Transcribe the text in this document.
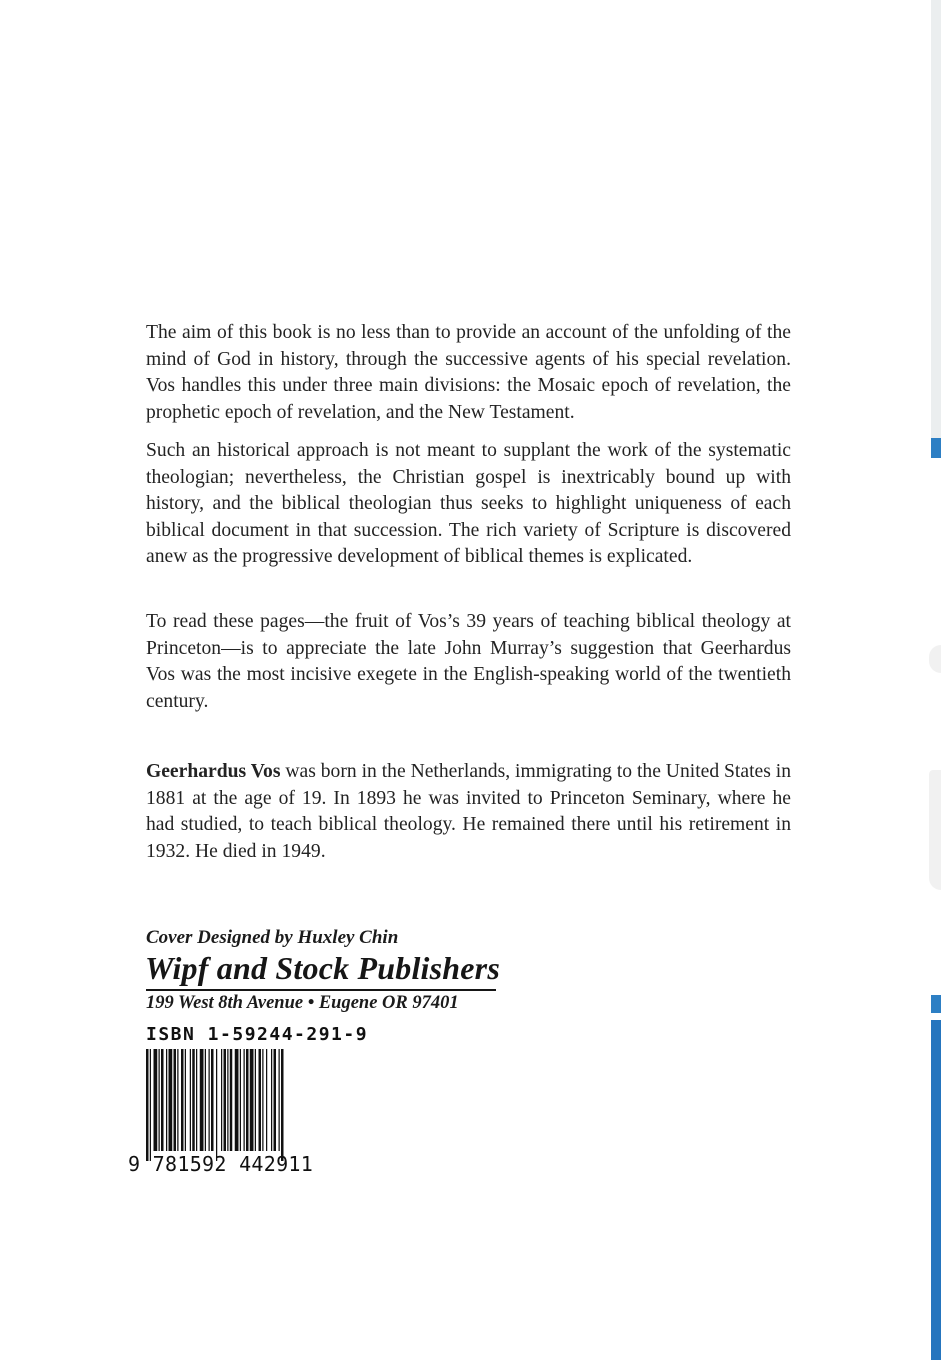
The aim of this book is no less than to provide an account of the unfolding of the mind of God in history, through the successive agents of his special revelation. Vos handles this under three main divisions: the Mosaic epoch of revelation, the prophetic epoch of revelation, and the New Testament.

Such an historical approach is not meant to supplant the work of the systematic theologian; nevertheless, the Christian gospel is inextricably bound up with history, and the biblical theologian thus seeks to highlight uniqueness of each biblical document in that succession. The rich variety of Scripture is discovered anew as the progressive development of biblical themes is explicated.

To read these pages—the fruit of Vos’s 39 years of teaching biblical theology at Princeton—is to appreciate the late John Murray’s suggestion that Geerhardus Vos was the most incisive exegete in the English-speaking world of the twentieth century.

Geerhardus Vos was born in the Netherlands, immigrating to the United States in 1881 at the age of 19. In 1893 he was invited to Princeton Seminary, where he had studied, to teach biblical theology. He remained there until his retirement in 1932. He died in 1949.

Cover Designed by Huxley Chin
Wipf and Stock Publishers
199 West 8th Avenue • Eugene OR 97401
ISBN 1-59244-291-9
9 781592 442911
